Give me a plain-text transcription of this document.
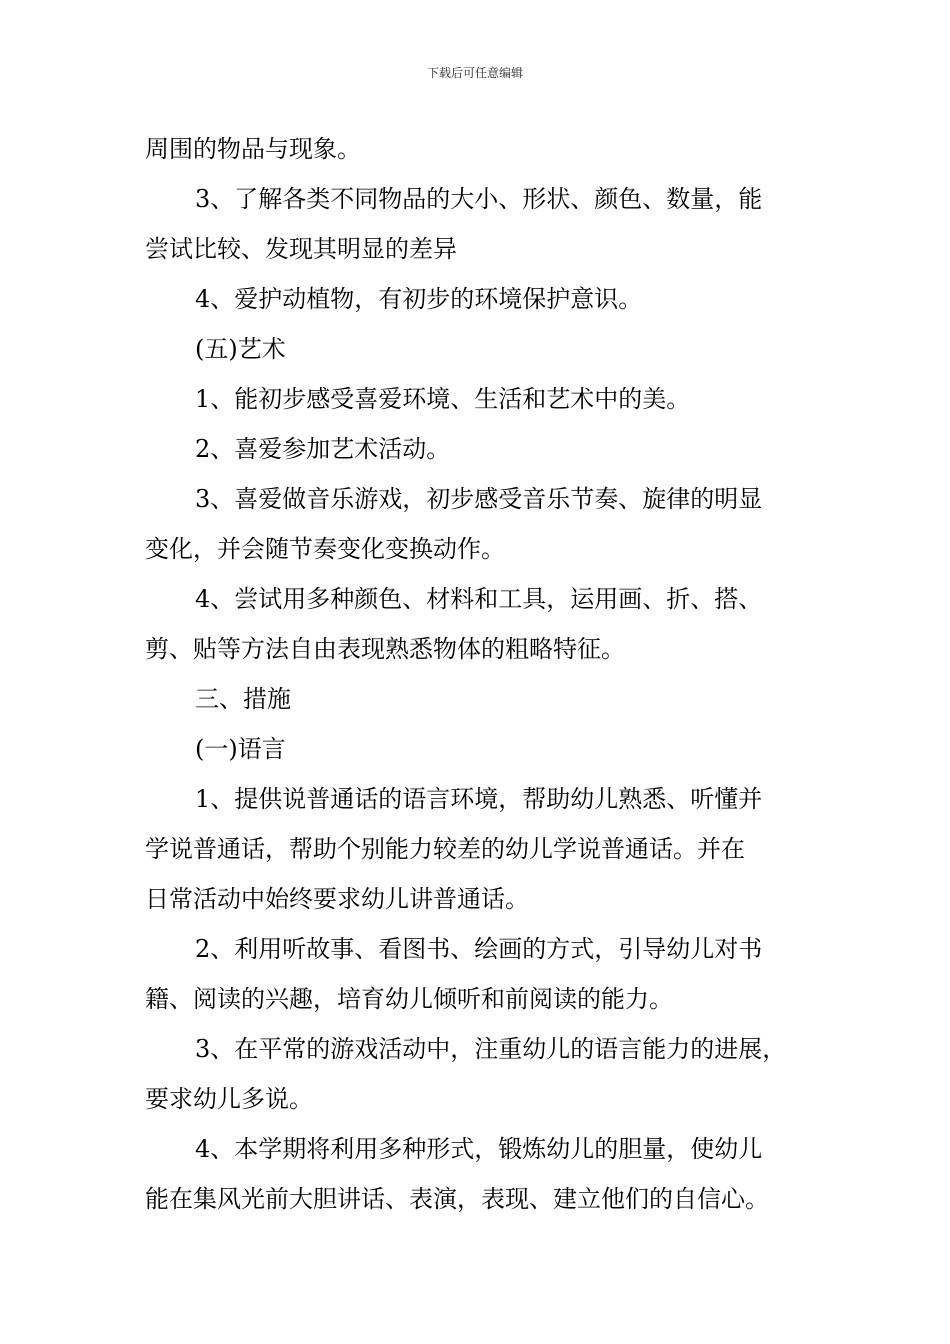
下载后可任意编辑
周围的物品与现象。
3、了解各类不同物品的大小、形状、颜色、数量，能
尝试比较、发现其明显的差异
4、爱护动植物，有初步的环境保护意识。
(五)艺术
1、能初步感受喜爱环境、生活和艺术中的美。
2、喜爱参加艺术活动。
3、喜爱做音乐游戏，初步感受音乐节奏、旋律的明显
变化，并会随节奏变化变换动作。
4、尝试用多种颜色、材料和工具，运用画、折、搭、
剪、贴等方法自由表现熟悉物体的粗略特征。
三、措施
(一)语言
1、提供说普通话的语言环境，帮助幼儿熟悉、听懂并
学说普通话，帮助个别能力较差的幼儿学说普通话。并在
日常活动中始终要求幼儿讲普通话。
2、利用听故事、看图书、绘画的方式，引导幼儿对书
籍、阅读的兴趣，培育幼儿倾听和前阅读的能力。
3、在平常的游戏活动中，注重幼儿的语言能力的进展，
要求幼儿多说。
4、本学期将利用多种形式，锻炼幼儿的胆量，使幼儿
能在集风光前大胆讲话、表演，表现、建立他们的自信心。
